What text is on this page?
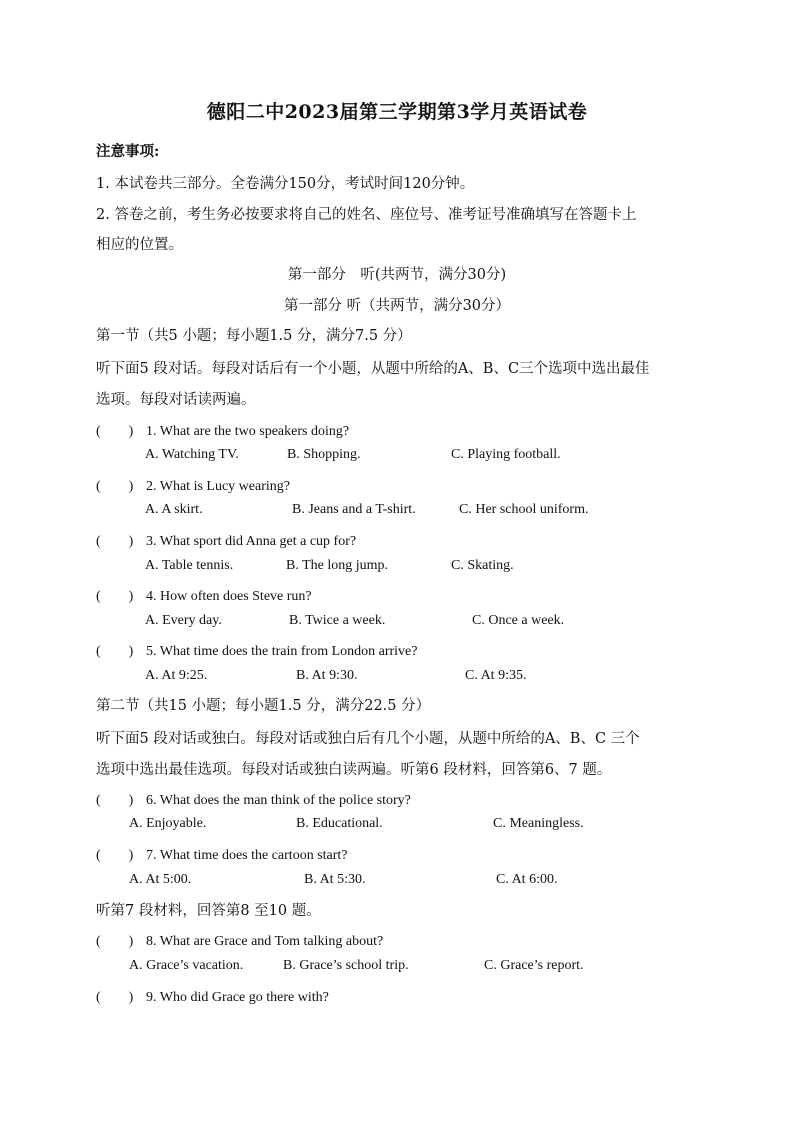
德阳二中2023届第三学期第3学月英语试卷
注意事项:
1. 本试卷共三部分。全卷满分150分，考试时间120分钟。
2. 答卷之前，考生务必按要求将自己的姓名、座位号、准考证号准确填写在答题卡上
相应的位置。
第一部分　听(共两节，满分30分)
第一部分 听（共两节，满分30分）
第一节（共5 小题；每小题1.5 分，满分7.5 分）
听下面5 段对话。每段对话后有一个小题，从题中所给的A、B、C三个选项中选出最佳
选项。每段对话读两遍。
(　　) 1. What are the two speakers doing?
A. Watching TV.	B. Shopping.	C. Playing football.
(　　) 2. What is Lucy wearing?
A. A skirt.	B. Jeans and a T-shirt.	C. Her school uniform.
(　　) 3. What sport did Anna get a cup for?
A. Table tennis.	B. The long jump.	C. Skating.
(　　) 4. How often does Steve run?
A. Every day.	B. Twice a week.	C. Once a week.
(　　) 5. What time does the train from London arrive?
A. At 9:25.	B. At 9:30.	C. At 9:35.
第二节（共15 小题；每小题1.5 分，满分22.5 分）
听下面5 段对话或独白。每段对话或独白后有几个小题，从题中所给的A、B、C 三个
选项中选出最佳选项。每段对话或独白读两遍。听第6 段材料，回答第6、7 题。
(　　) 6. What does the man think of the police story?
A. Enjoyable.	B. Educational.	C. Meaningless.
(　　) 7. What time does the cartoon start?
A. At 5:00.	B. At 5:30.	C. At 6:00.
听第7 段材料，回答第8 至10 题。
(　　) 8. What are Grace and Tom talking about?
A. Grace’s vacation.	B. Grace’s school trip.	C. Grace’s report.
(　　) 9. Who did Grace go there with?
